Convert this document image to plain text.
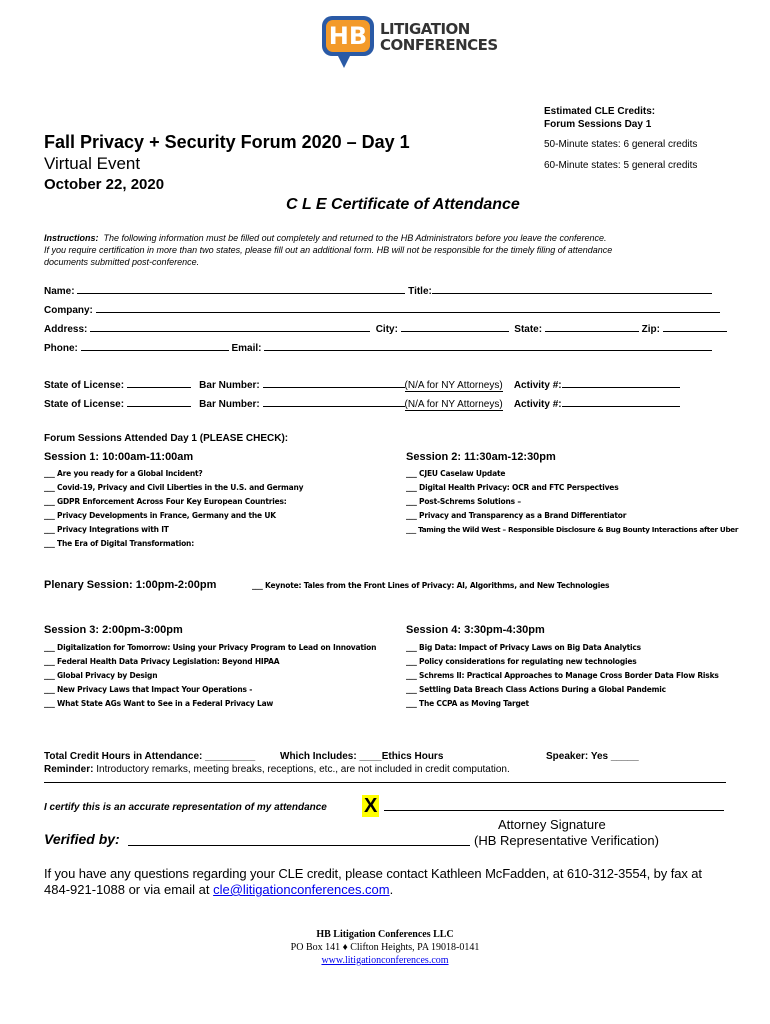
HB LITIGATION
CONFERENCES
Estimated CLE Credits:
Forum Sessions Day 1
50-Minute states: 6 general credits
60-Minute states: 5 general credits
Fall Privacy + Security Forum 2020 – Day 1
Virtual Event
October 22, 2020
C L E Certificate of Attendance
Instructions: The following information must be filled out completely and returned to the HB Administrators before you leave the conference.
If you require certification in more than two states, please fill out an additional form. HB will not be responsible for the timely filing of attendance
documents submitted post-conference.
Name:	Title:
Company:
Address:	City:	State:	Zip:
Phone:	Email:
State of License:	Bar Number:	(N/A for NY Attorneys) Activity #:
State of License:	Bar Number:	(N/A for NY Attorneys) Activity #:
Forum Sessions Attended Day 1 (PLEASE CHECK):
Session 1: 10:00am-11:00am	Session 2: 11:30am-12:30pm
___ Are you ready for a Global Incident?
___ Covid-19, Privacy and Civil Liberties in the U.S. and Germany
___ GDPR Enforcement Across Four Key European Countries:
___ Privacy Developments in France, Germany and the UK
___ Privacy Integrations with IT
___ The Era of Digital Transformation:
___ CJEU Caselaw Update
___ Digital Health Privacy: OCR and FTC Perspectives
___ Post-Schrems Solutions –
___ Privacy and Transparency as a Brand Differentiator
___ Taming the Wild West – Responsible Disclosure & Bug Bounty Interactions after Uber
Plenary Session: 1:00pm-2:00pm	___ Keynote: Tales from the Front Lines of Privacy: AI, Algorithms, and New Technologies
Session 3: 2:00pm-3:00pm	Session 4: 3:30pm-4:30pm
___ Digitalization for Tomorrow: Using your Privacy Program to Lead on Innovation
___ Federal Health Data Privacy Legislation: Beyond HIPAA
___ Global Privacy by Design
___ New Privacy Laws that Impact Your Operations -
___ What State AGs Want to See in a Federal Privacy Law
___ Big Data: Impact of Privacy Laws on Big Data Analytics
___ Policy considerations for regulating new technologies
___ Schrems II: Practical Approaches to Manage Cross Border Data Flow Risks
___ Settling Data Breach Class Actions During a Global Pandemic
___ The CCPA as Moving Target
Total Credit Hours in Attendance: _________ Which Includes: ____Ethics Hours	Speaker: Yes _____
Reminder: Introductory remarks, meeting breaks, receptions, etc., are not included in credit computation.
I certify this is an accurate representation of my attendance X
Attorney Signature
Verified by:	(HB Representative Verification)
If you have any questions regarding your CLE credit, please contact Kathleen McFadden, at 610-312-3554, by fax at
484-921-1088 or via email at cle@litigationconferences.com.
HB Litigation Conferences LLC
PO Box 141 ♦ Clifton Heights, PA 19018-0141
www.litigationconferences.com
